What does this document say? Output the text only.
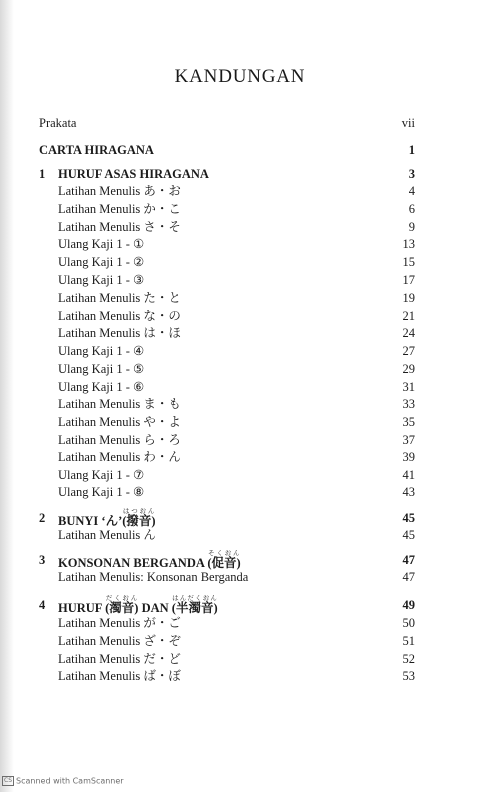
KANDUNGAN
Prakata	vii
CARTA HIRAGANA	1
1 HURUF ASAS HIRAGANA	3
Latihan Menulis あ・お	4
Latihan Menulis か・こ	6
Latihan Menulis さ・そ	9
Ulang Kaji 1 - ①	13
Ulang Kaji 1 - ②	15
Ulang Kaji 1 - ③	17
Latihan Menulis た・と	19
Latihan Menulis な・の	21
Latihan Menulis は・ほ	24
Ulang Kaji 1 - ④	27
Ulang Kaji 1 - ⑤	29
Ulang Kaji 1 - ⑥	31
Latihan Menulis ま・も	33
Latihan Menulis や・よ	35
Latihan Menulis ら・ろ	37
Latihan Menulis わ・ん	39
Ulang Kaji 1 - ⑦	41
Ulang Kaji 1 - ⑧	43
2 BUNYI ‘ん’(撥音)はつおん	45
Latihan Menulis ん	45
3 KONSONAN BERGANDA (促音)そくおん	47
Latihan Menulis: Konsonan Berganda	47
4 HURUF (濁音)だくおん DAN (半濁音)はんだくおん	49
Latihan Menulis が・ご	50
Latihan Menulis ざ・ぞ	51
Latihan Menulis だ・ど	52
Latihan Menulis ば・ぼ	53
CS Scanned with CamScanner
